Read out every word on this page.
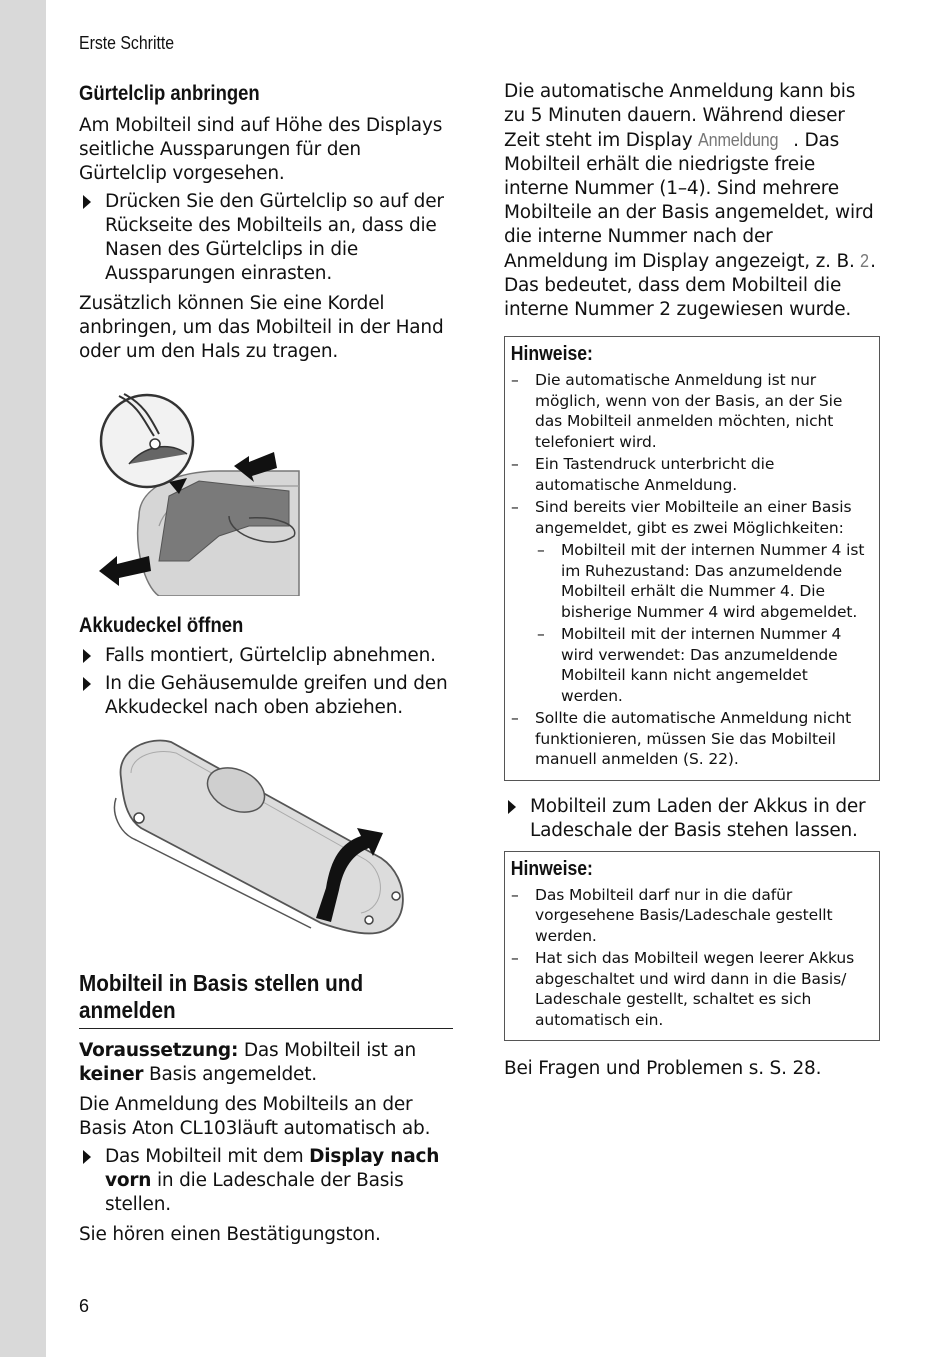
Erste Schritte
Gürtelclip anbringen
Am Mobilteil sind auf Höhe des Displays seitliche Aussparungen für den Gürtelclip vorgesehen.
Drücken Sie den Gürtelclip so auf der Rückseite des Mobilteils an, dass die Nasen des Gürtelclips in die Aussparungen einrasten.
Zusätzlich können Sie eine Kordel anbringen, um das Mobilteil in der Hand oder um den Hals zu tragen.
Akkudeckel öffnen
Falls montiert, Gürtelclip abnehmen.
In die Gehäusemulde greifen und den Akkudeckel nach oben abziehen.
Mobilteil in Basis stellen und anmelden
Voraussetzung: Das Mobilteil ist an keiner Basis angemeldet.
Die Anmeldung des Mobilteils an der Basis Aton CL103läuft automatisch ab.
Das Mobilteil mit dem Display nach vorn in die Ladeschale der Basis stellen.
Sie hören einen Bestätigungston.
Die automatische Anmeldung kann bis zu 5 Minuten dauern. Während dieser Zeit steht im Display Anmeldung . Das Mobilteil erhält die niedrigste freie interne Nummer (1–4). Sind mehrere Mobilteile an der Basis angemeldet, wird die interne Nummer nach der Anmeldung im Display angezeigt, z. B. 2. Das bedeutet, dass dem Mobilteil die interne Nummer 2 zugewiesen wurde.
Hinweise:
– Die automatische Anmeldung ist nur möglich, wenn von der Basis, an der Sie das Mobilteil anmelden möchten, nicht telefoniert wird.
– Ein Tastendruck unterbricht die automatische Anmeldung.
– Sind bereits vier Mobilteile an einer Basis angemeldet, gibt es zwei Möglichkeiten:
– Mobilteil mit der internen Nummer 4 ist im Ruhezustand: Das anzumeldende Mobilteil erhält die Nummer 4. Die bisherige Nummer 4 wird abgemeldet.
– Mobilteil mit der internen Nummer 4 wird verwendet: Das anzumeldende Mobilteil kann nicht angemeldet werden.
– Sollte die automatische Anmeldung nicht funktionieren, müssen Sie das Mobilteil manuell anmelden (S. 22).
Mobilteil zum Laden der Akkus in der Ladeschale der Basis stehen lassen.
Hinweise:
– Das Mobilteil darf nur in die dafür vorgesehene Basis/Ladeschale gestellt werden.
– Hat sich das Mobilteil wegen leerer Akkus abgeschaltet und wird dann in die Basis/ Ladeschale gestellt, schaltet es sich automatisch ein.
Bei Fragen und Problemen s. S. 28.
6
